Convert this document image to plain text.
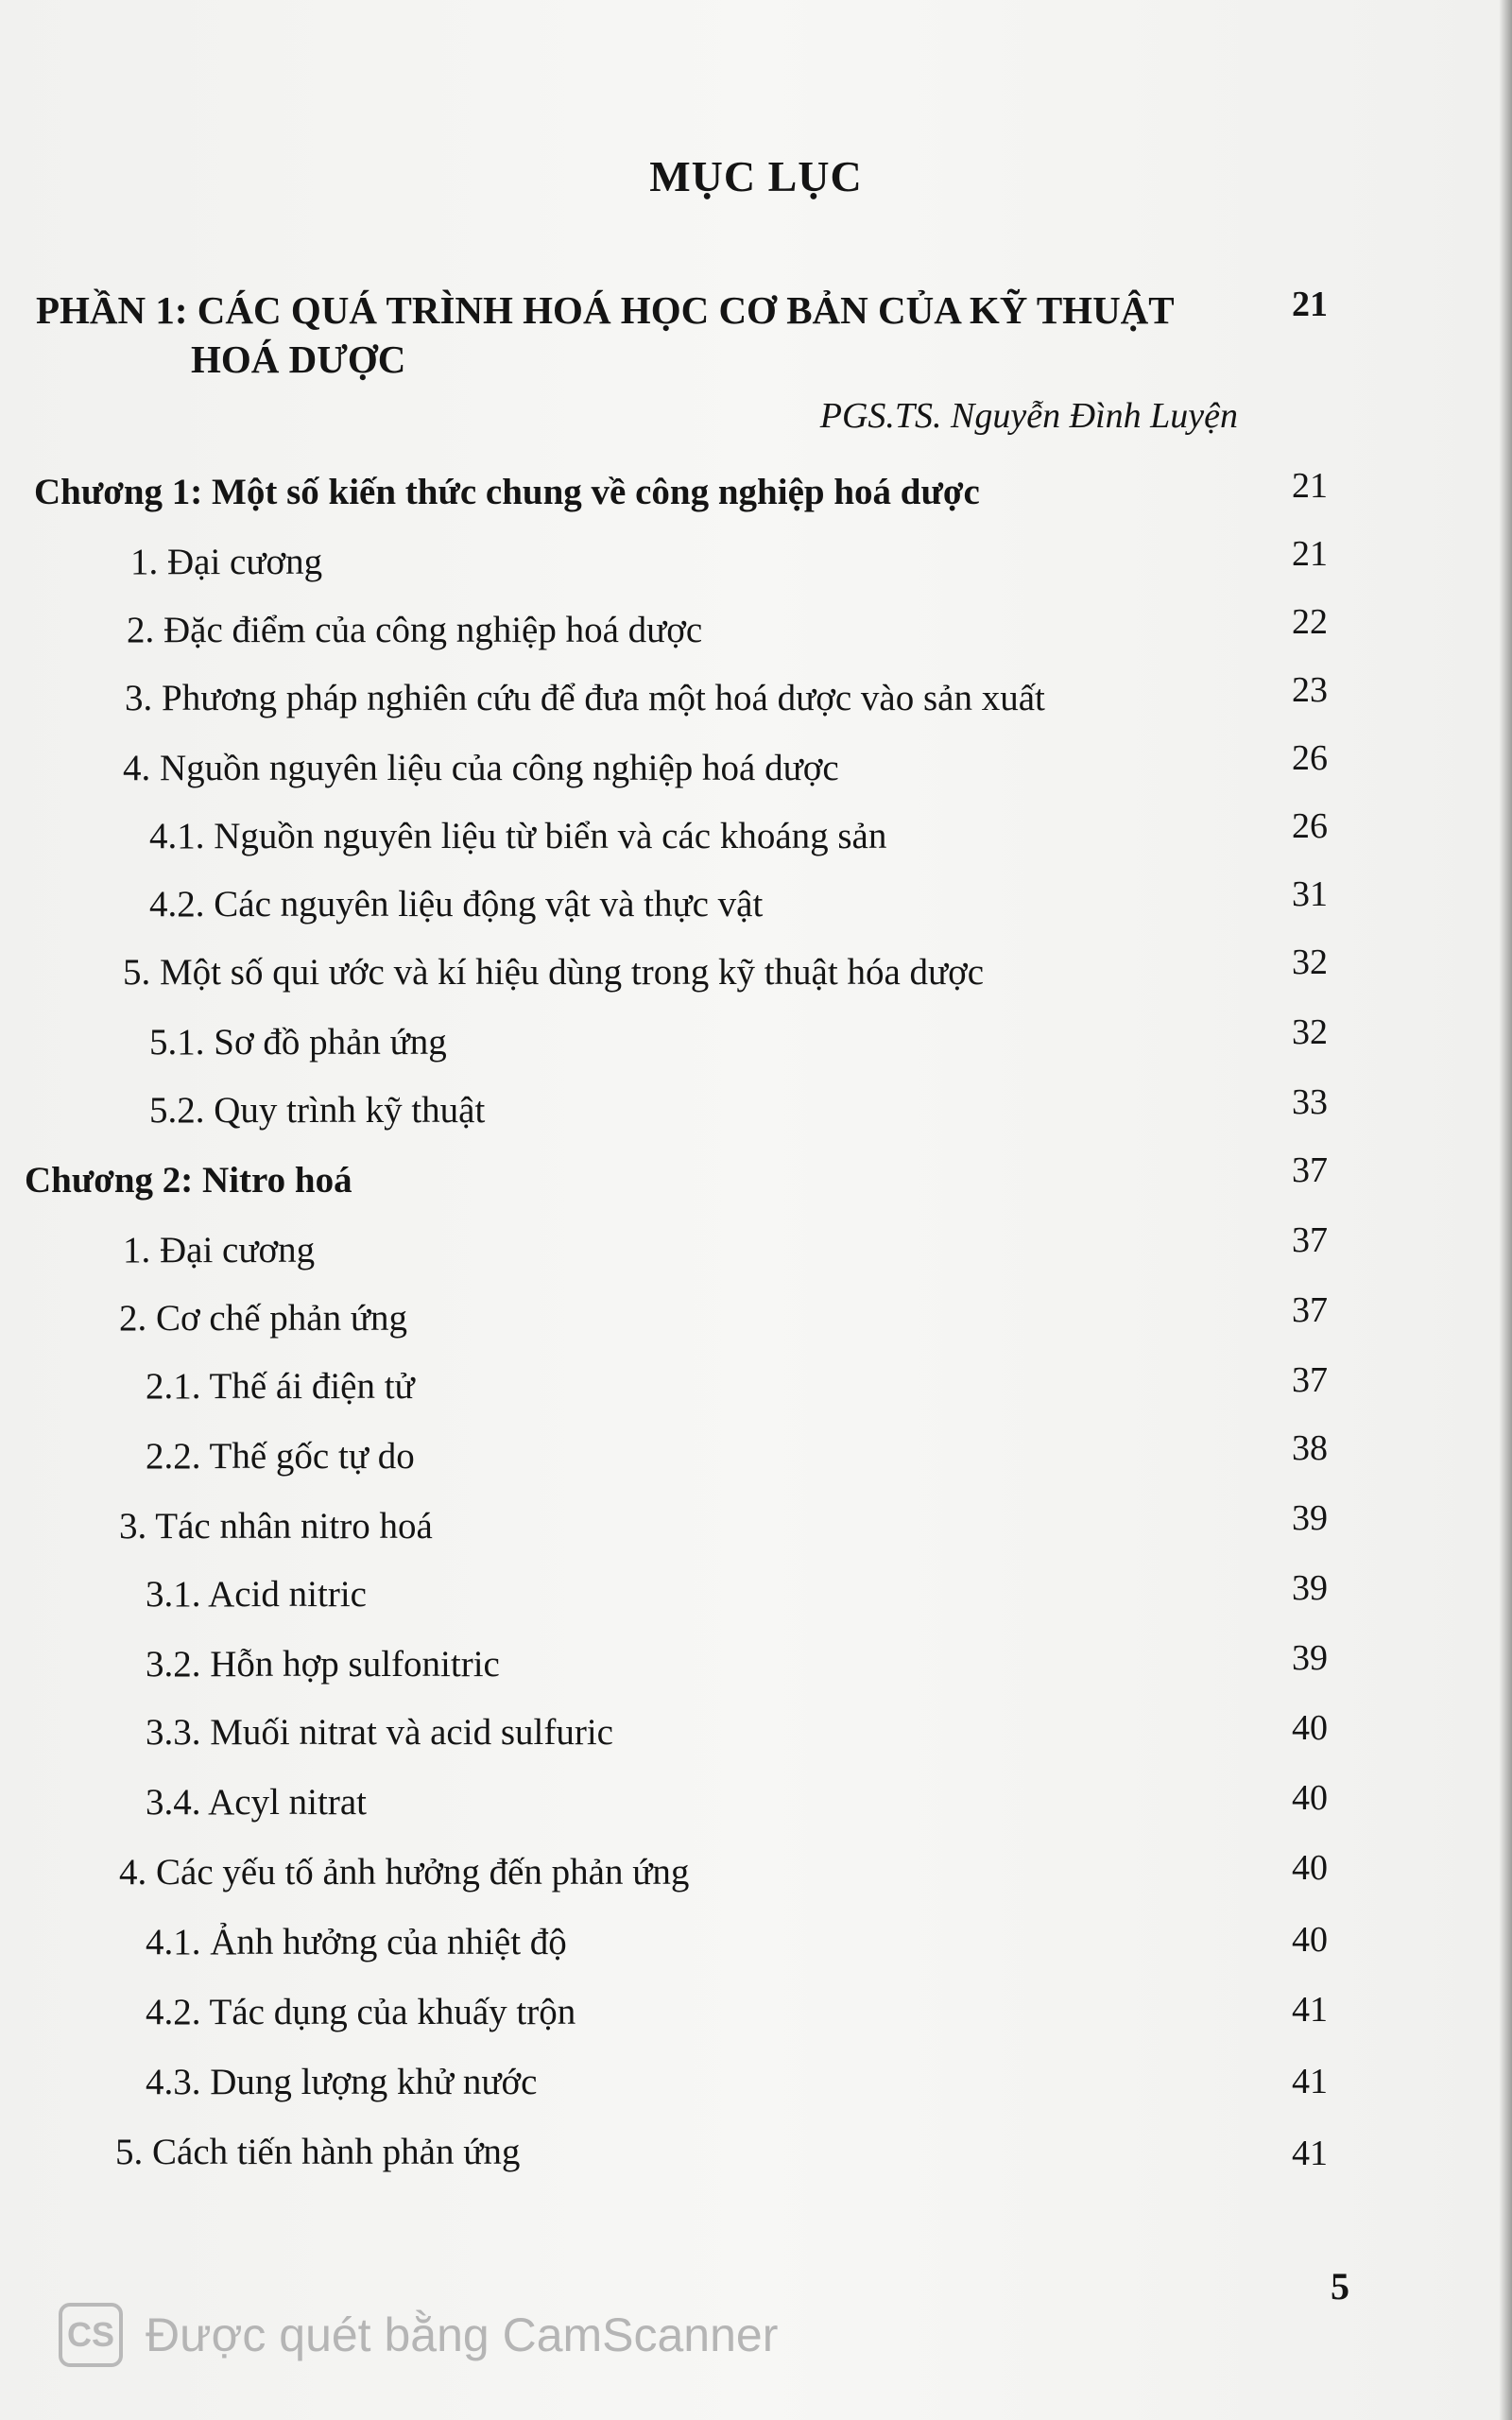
MỤC LỤC
PHẦN 1: CÁC QUÁ TRÌNH HOÁ HỌC CƠ BẢN CỦA KỸ THUẬT	21
HOÁ DƯỢC
PGS.TS. Nguyễn Đình Luyện
Chương 1: Một số kiến thức chung về công nghiệp hoá dược	21
1. Đại cương	21
2. Đặc điểm của công nghiệp hoá dược	22
3. Phương pháp nghiên cứu để đưa một hoá dược vào sản xuất	23
4. Nguồn nguyên liệu của công nghiệp hoá dược	26
4.1. Nguồn nguyên liệu từ biển và các khoáng sản	26
4.2. Các nguyên liệu động vật và thực vật	31
5. Một số qui ước và kí hiệu dùng trong kỹ thuật hóa dược	32
5.1. Sơ đồ phản ứng	32
5.2. Quy trình kỹ thuật	33
Chương 2: Nitro hoá	37
1. Đại cương	37
2. Cơ chế phản ứng	37
2.1. Thế ái điện tử	37
2.2. Thế gốc tự do	38
3. Tác nhân nitro hoá	39
3.1. Acid nitric	39
3.2. Hỗn hợp sulfonitric	39
3.3. Muối nitrat và acid sulfuric	40
3.4. Acyl nitrat	40
4. Các yếu tố ảnh hưởng đến phản ứng	40
4.1. Ảnh hưởng của nhiệt độ	40
4.2. Tác dụng của khuấy trộn	41
4.3. Dung lượng khử nước	41
5. Cách tiến hành phản ứng	41
5
CS Được quét bằng CamScanner
